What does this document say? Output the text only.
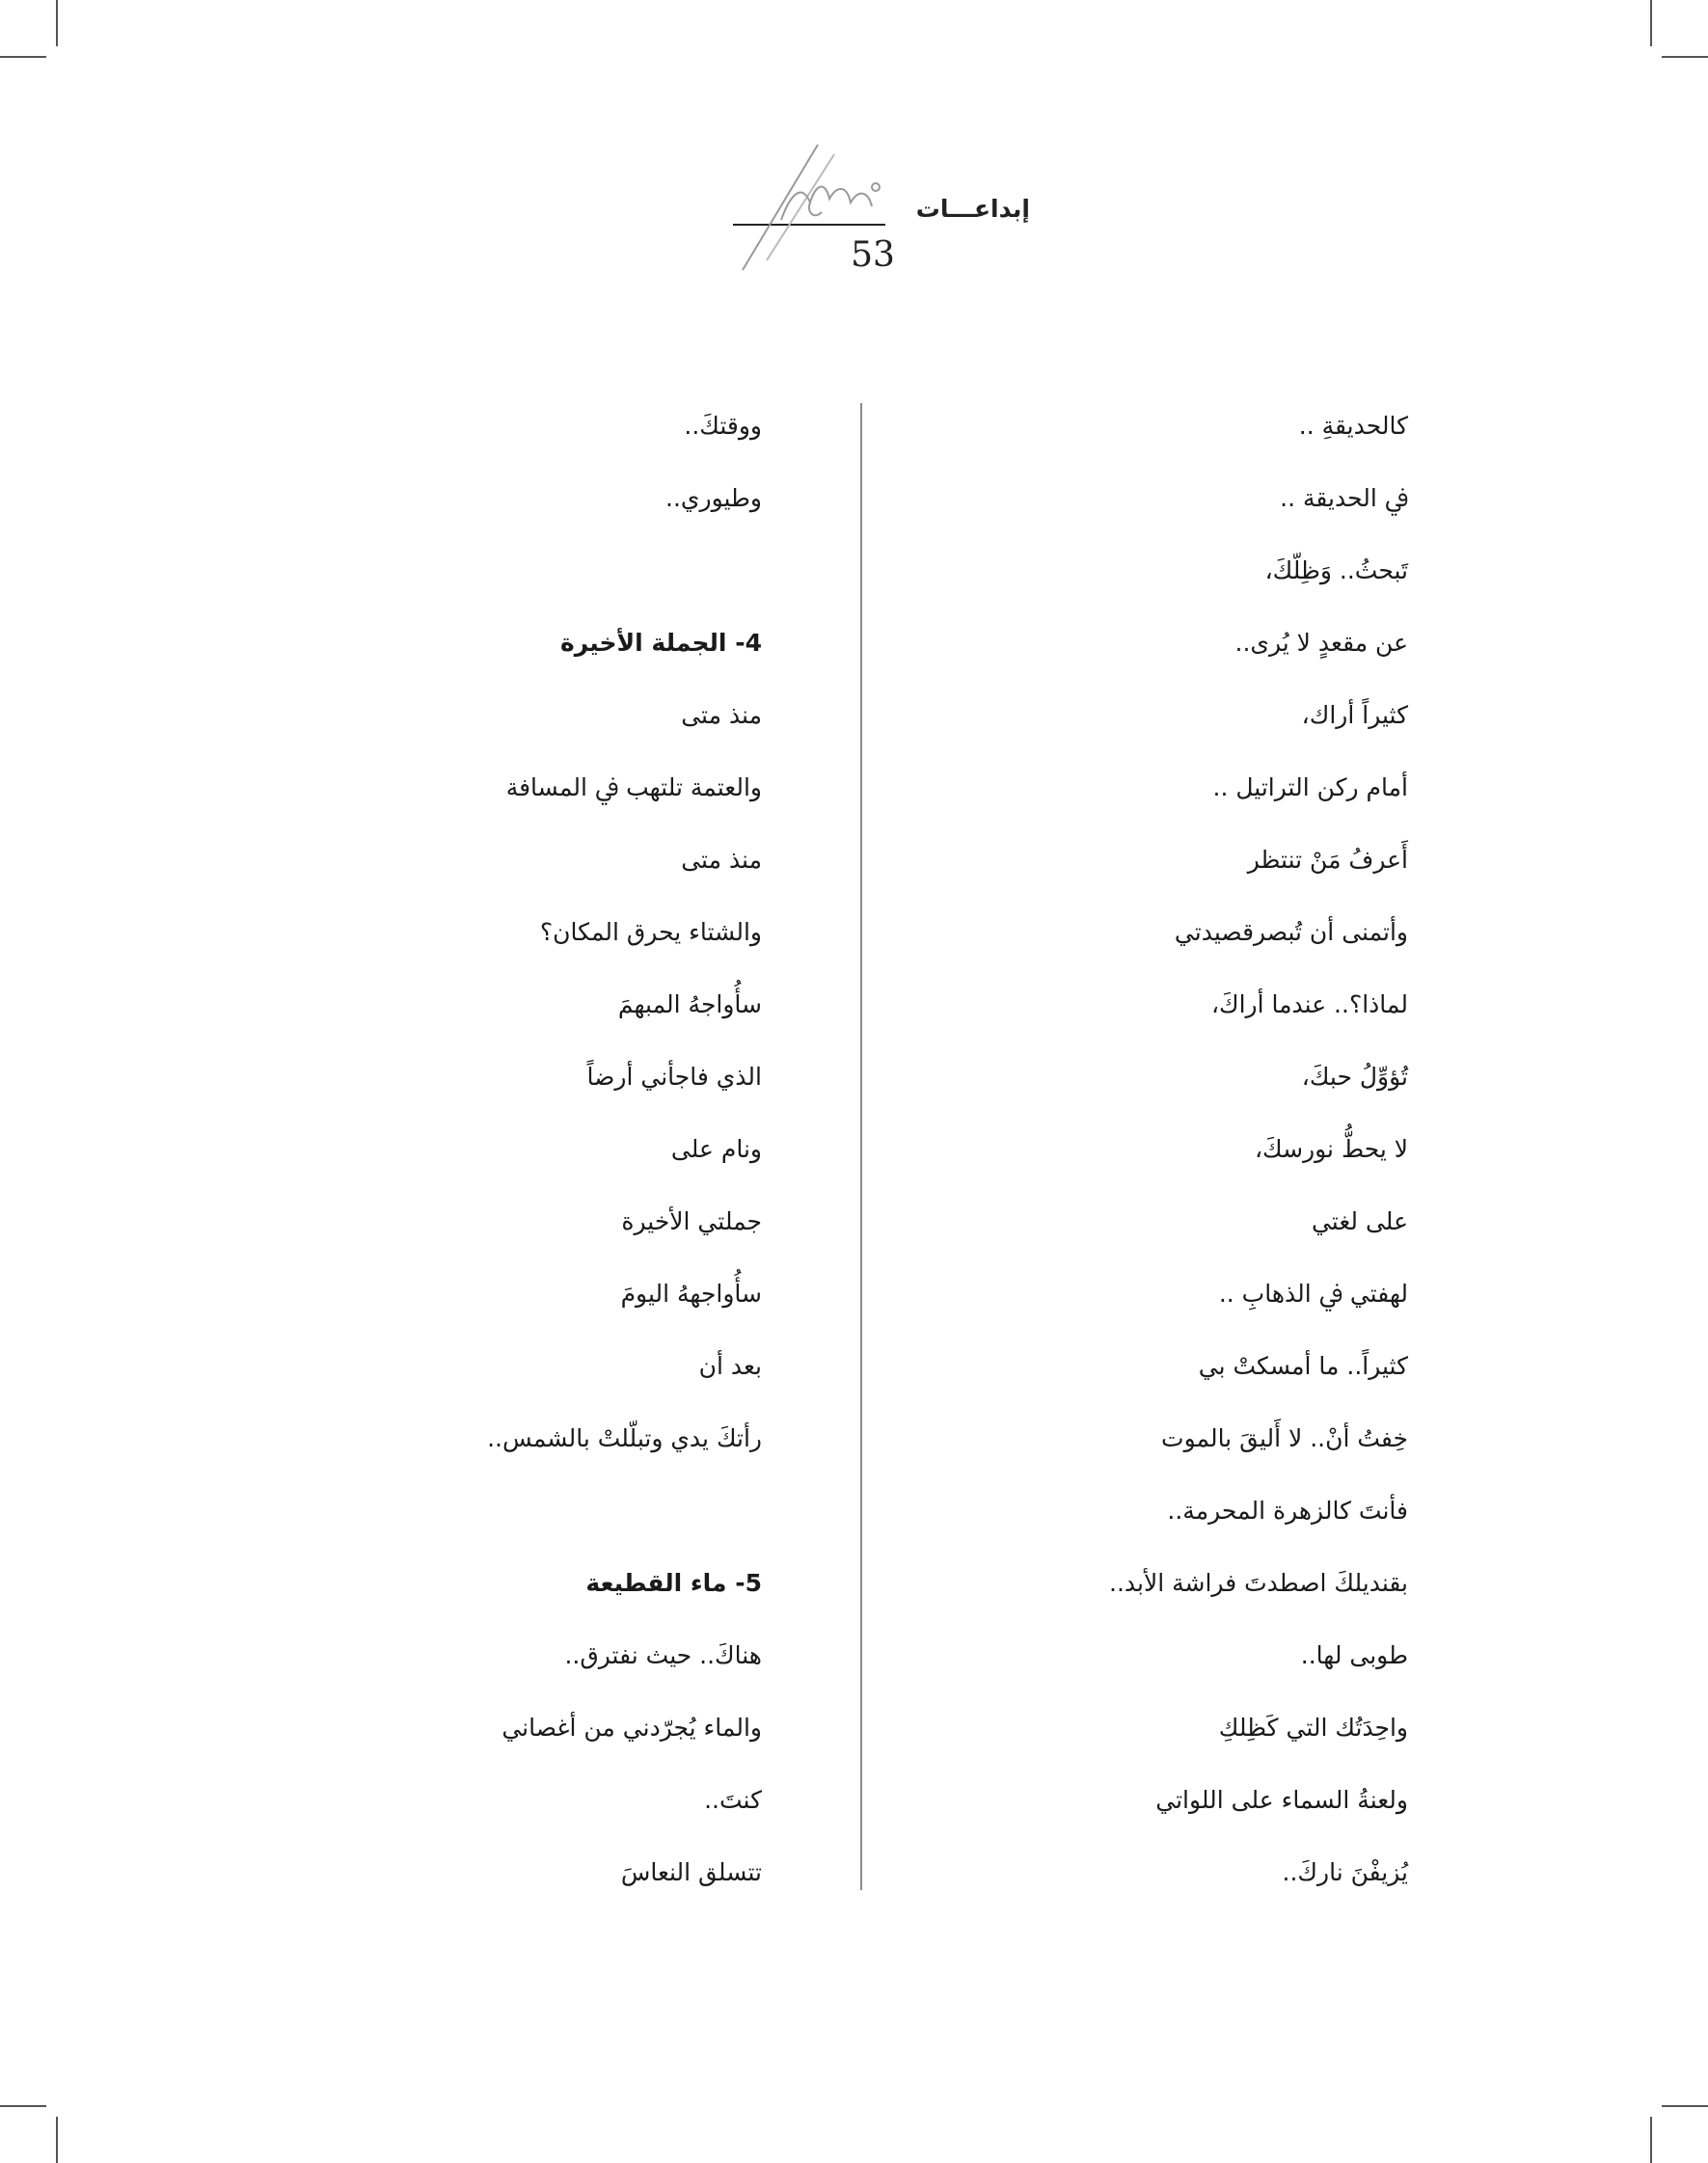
إبداعـــات
53
كالحديقةِ ..
ﰲ الحديقة ..
تَبحثُ.. وَظِلّكَ،
عن مقعدٍ لا يُرى..
كثيراً أراك،
أمام ركن التراتيل ..
أَعرفُ مَنْ تنتظر
وأتمنى أن تُبصرقصيدتي
لماذا؟.. عندما أراكَ،
تُؤوِّلُ حبكَ،
لا يحطُّ نورسكَ،
على لغتي
لهفتي ﰲ الذهابِ ..
كثيراً.. ما أمسكتْ بي
خِفتُ أنْ.. لا أَليقَ بالموت
فأنتَ كالزهرة المحرمة..
بقنديلكَ اصطدتَ فراشة الأبد..
طوبى لها..
واحِدَتُك التي كَظِلكِ
ولعنةُ السماء على اللواتي
يُزيفْنَ ناركَ..
ووقتكَ..
وطيوري..
4- الجملة الأخيرة
منذ متى
والعتمة تلتهب ﰲ المسافة
منذ متى
والشتاء يحرق المكان؟
سأُواجهُ المبهمَ
الذي فاجأني أرضاً
ونام على
جملتي الأخيرة
سأُواجههُ اليومَ
بعد أن
رأتكَ يدي وتبلّلتْ بالشمس..
5- ماء القطيعة
هناكَ.. حيث نفترق..
والماء يُجرّدني من أغصاني
كنتَ..
تتسلق النعاسَ
